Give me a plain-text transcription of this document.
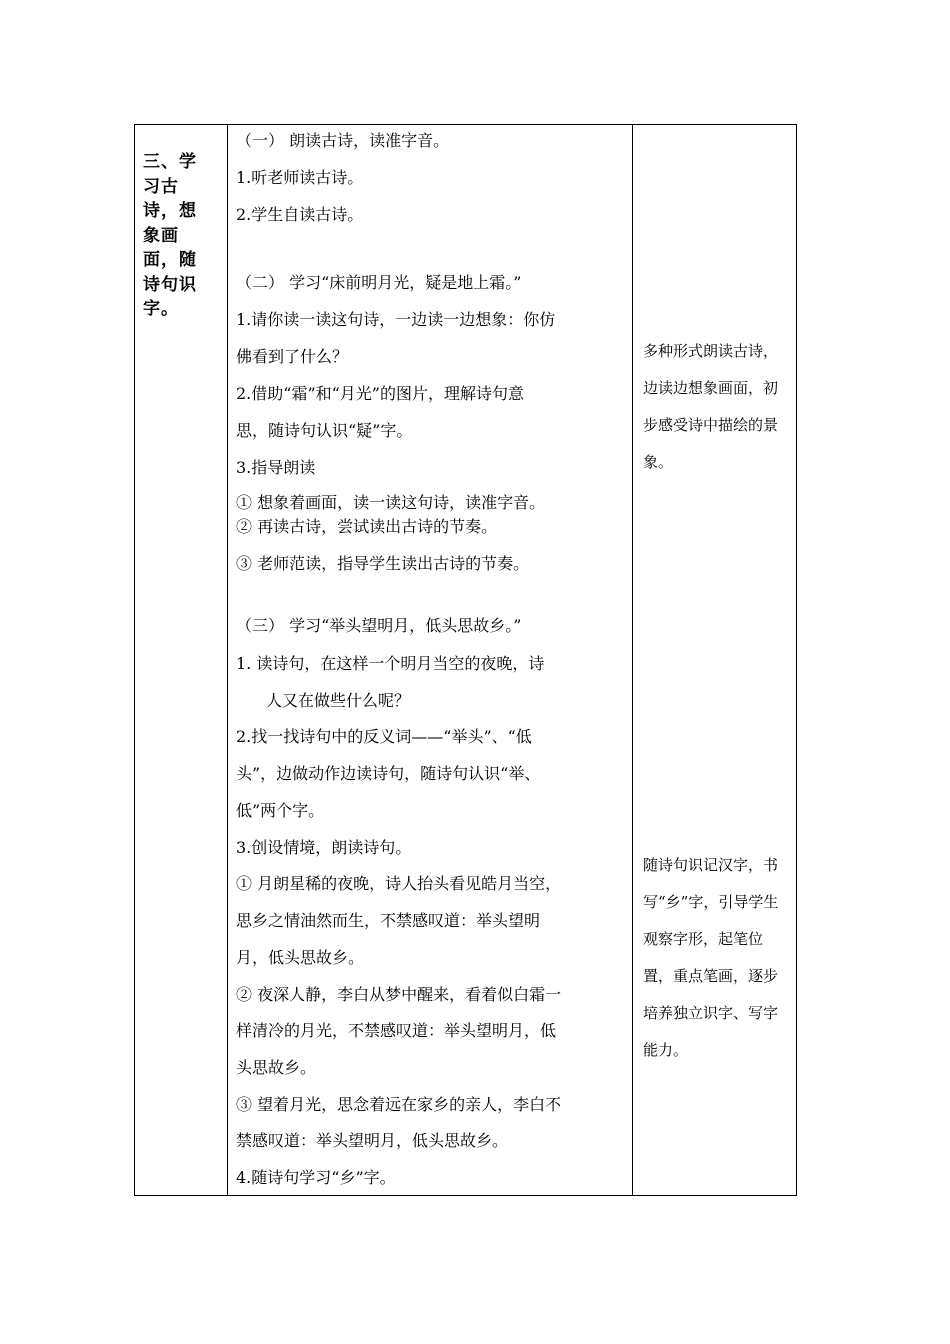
三、学习古诗，想象画面，随诗句识字。
（一） 朗读古诗，读准字音。
1.听老师读古诗。
2.学生自读古诗。
（二） 学习“床前明月光，疑是地上霜。”
1.请你读一读这句诗，一边读一边想象：你仿
佛看到了什么？
2.借助“霜”和“月光”的图片，理解诗句意
思，随诗句认识“疑”字。
3.指导朗读
① 想象着画面，读一读这句诗，读准字音。
② 再读古诗，尝试读出古诗的节奏。
③ 老师范读，指导学生读出古诗的节奏。
（三） 学习“举头望明月，低头思故乡。”
1. 读诗句，在这样一个明月当空的夜晚，诗
人又在做些什么呢？
2.找一找诗句中的反义词——“举头”、“低
头”，边做动作边读诗句，随诗句认识“举、
低”两个字。
3.创设情境，朗读诗句。
① 月朗星稀的夜晚，诗人抬头看见皓月当空，
思乡之情油然而生，不禁感叹道：举头望明
月，低头思故乡。
② 夜深人静，李白从梦中醒来，看着似白霜一
样清冷的月光，不禁感叹道：举头望明月，低
头思故乡。
③ 望着月光，思念着远在家乡的亲人，李白不
禁感叹道：举头望明月，低头思故乡。
4.随诗句学习“乡”字。
多种形式朗读古诗，边读边想象画面，初步感受诗中描绘的景象。
随诗句识记汉字，书写“乡”字，引导学生观察字形，起笔位置，重点笔画，逐步培养独立识字、写字能力。
